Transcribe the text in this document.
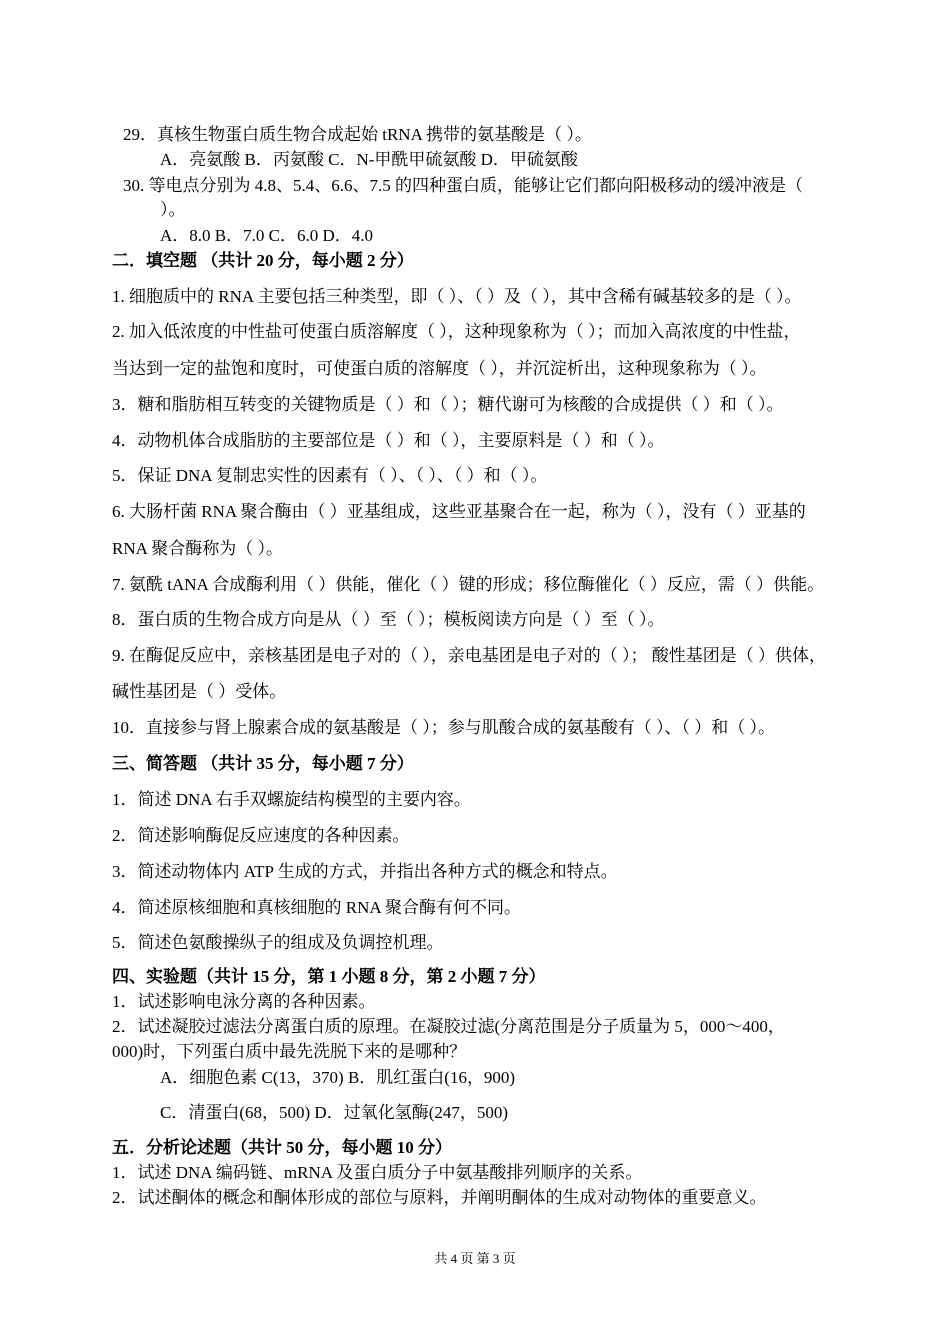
29．真核生物蛋白质生物合成起始 tRNA 携带的氨基酸是（ ）。
A．亮氨酸 B．丙氨酸 C．N-甲酰甲硫氨酸 D．甲硫氨酸
30. 等电点分别为 4.8、5.4、6.6、7.5 的四种蛋白质，能够让它们都向阳极移动的缓冲液是（
）。
A．8.0 B．7.0 C．6.0 D．4.0
二．填空题 （共计 20 分，每小题 2 分）
1. 细胞质中的 RNA 主要包括三种类型，即（ ）、（ ）及（ ），其中含稀有碱基较多的是（ ）。
2. 加入低浓度的中性盐可使蛋白质溶解度（ ），这种现象称为（ ）；而加入高浓度的中性盐，
当达到一定的盐饱和度时，可使蛋白质的溶解度（ ），并沉淀析出，这种现象称为（ ）。
3．糖和脂肪相互转变的关键物质是（ ）和（ ）；糖代谢可为核酸的合成提供（ ）和（ ）。
4．动物机体合成脂肪的主要部位是（ ）和（ ），主要原料是（ ）和（ ）。
5．保证 DNA 复制忠实性的因素有（ ）、（ ）、（ ）和（ ）。
6. 大肠杆菌 RNA 聚合酶由（ ）亚基组成，这些亚基聚合在一起，称为（ ），没有（ ）亚基的
RNA 聚合酶称为（ ）。
7. 氨酰 tANA 合成酶利用（ ）供能，催化（ ）键的形成；移位酶催化（ ）反应，需（ ）供能。
8．蛋白质的生物合成方向是从（ ）至（ ）；模板阅读方向是（ ）至（ ）。
9. 在酶促反应中，亲核基团是电子对的（ ），亲电基团是电子对的（ ）； 酸性基团是（ ）供体，
碱性基团是（ ）受体。
10．直接参与肾上腺素合成的氨基酸是（ ）；参与肌酸合成的氨基酸有（ ）、（ ）和（ ）。
三、简答题 （共计 35 分，每小题 7 分）
1．简述 DNA 右手双螺旋结构模型的主要内容。
2．简述影响酶促反应速度的各种因素。
3．简述动物体内 ATP 生成的方式，并指出各种方式的概念和特点。
4．简述原核细胞和真核细胞的 RNA 聚合酶有何不同。
5．简述色氨酸操纵子的组成及负调控机理。
四、实验题（共计 15 分，第 1 小题 8 分，第 2 小题 7 分）
1．试述影响电泳分离的各种因素。
2．试述凝胶过滤法分离蛋白质的原理。在凝胶过滤(分离范围是分子质量为 5，000～400，
000)时，下列蛋白质中最先洗脱下来的是哪种？
A．细胞色素 C(13，370) B．肌红蛋白(16，900)
C．清蛋白(68，500) D．过氧化氢酶(247，500)
五．分析论述题（共计 50 分，每小题 10 分）
1．试述 DNA 编码链、mRNA 及蛋白质分子中氨基酸排列顺序的关系。
2．试述酮体的概念和酮体形成的部位与原料，并阐明酮体的生成对动物体的重要意义。
共 4 页 第 3 页
